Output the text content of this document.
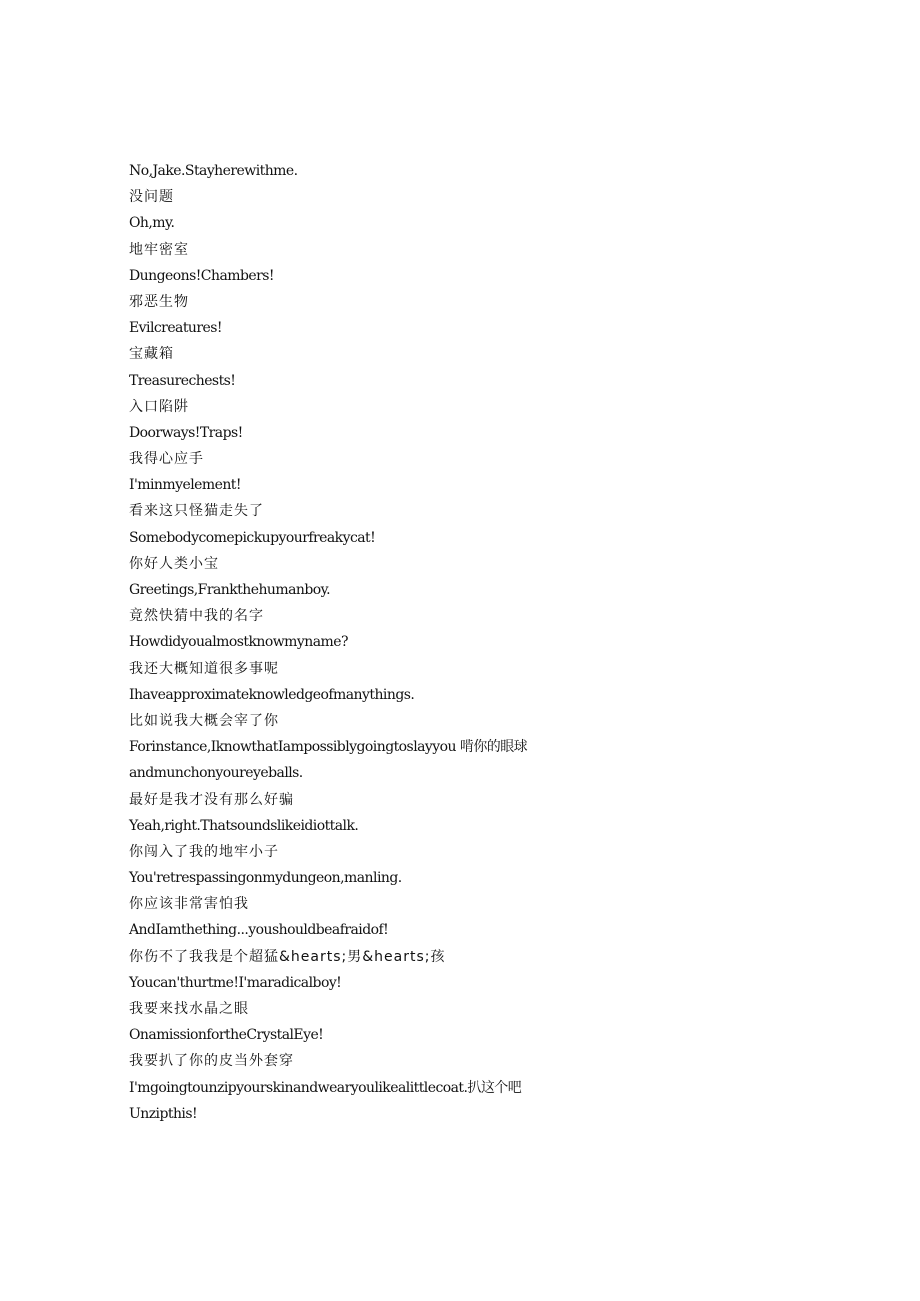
No,Jake.Stayherewithme.
没问题
Oh,my.
地牢密室
Dungeons!Chambers!
邪恶生物
Evilcreatures!
宝藏箱
Treasurechests!
入口陷阱
Doorways!Traps!
我得心应手
I'minmyelement!
看来这只怪猫走失了
Somebodycomepickupyourfreakycat!
你好人类小宝
Greetings,Frankthehumanboy.
竟然快猜中我的名字
Howdidyoualmostknowmyname?
我还大概知道很多事呢
Ihaveapproximateknowledgeofmanythings.
比如说我大概会宰了你
Forinstance,IknowthatIampossiblygoingtoslayyou 啃你的眼球
andmunchonyoureyeballs.
最好是我才没有那么好骗
Yeah,right.Thatsoundslikeidiottalk.
你闯入了我的地牢小子
You'retrespassingonmydungeon,manling.
你应该非常害怕我
AndIamthething...youshouldbeafraidof!
你伤不了我我是个超猛&hearts;男&hearts;孩
Youcan'thurtme!I'maradicalboy!
我要来找水晶之眼
OnamissionfortheCrystalEye!
我要扒了你的皮当外套穿
I'mgoingtounzipyourskinandwearyoulikealittlecoat.扒这个吧
Unzipthis!
